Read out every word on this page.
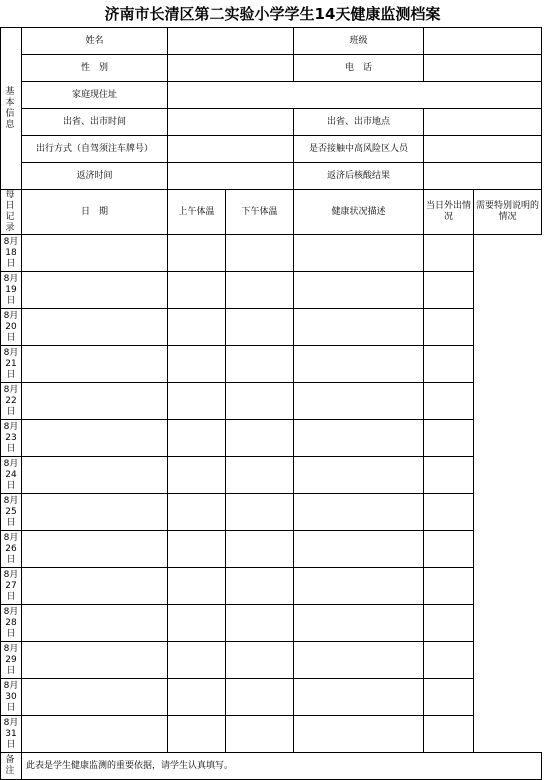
济南市长清区第二实验小学学生14天健康监测档案
基
本
信
息	姓名			班级		
	性　别			电　话		
	家庭现住址					
	出省、出市时间			出省、出市地点		
	出行方式（自驾须注车牌号）			是否接触中高风险区人员		
	返济时间			返济后核酸结果		

每
日
记
录	日　期	上午体温	下午体温	健康状况描述	当日外出情况	需要特别说明的情况
8月18日						
8月19日						
8月20日						
8月21日						
8月22日						
8月23日						
8月24日						
8月25日						
8月26日						
8月27日						
8月28日						
8月29日						
8月30日						
8月31日						

备
注	此表是学生健康监测的重要依据，请学生认真填写。					
